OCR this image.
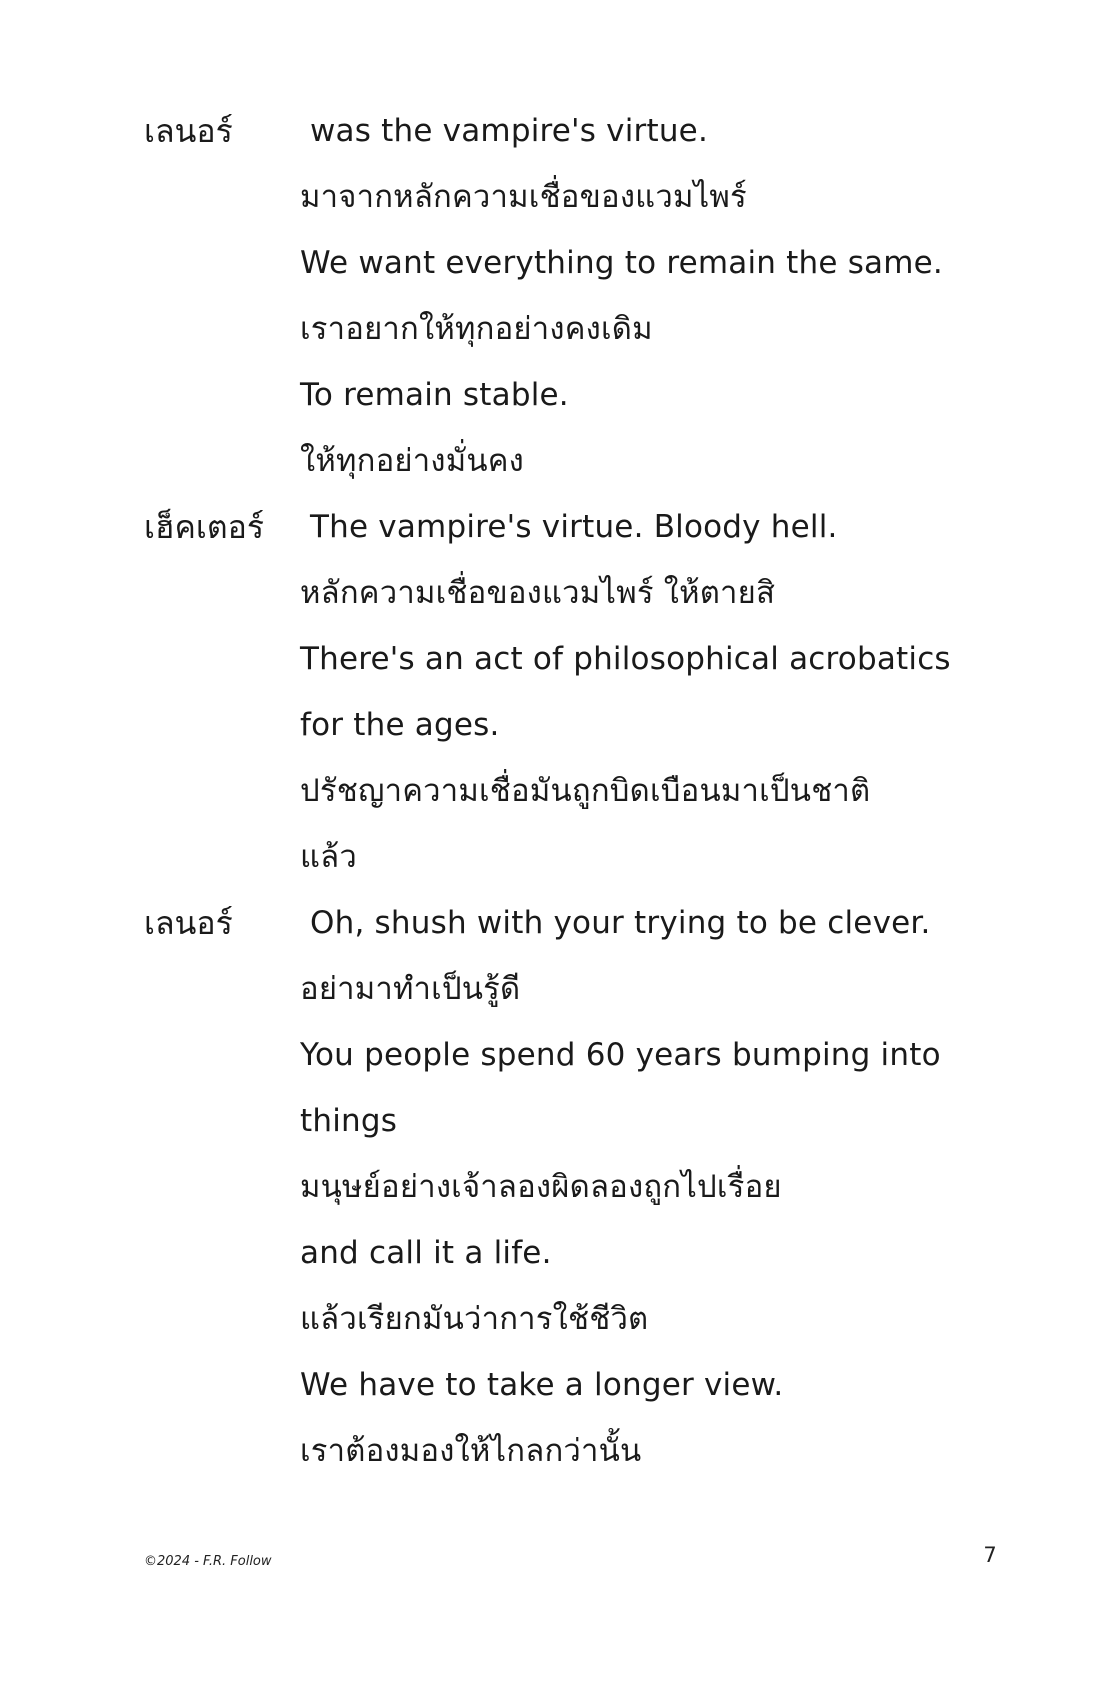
เลนอร์	was the vampire's virtue.
มาจากหลักความเชื่อของแวมไพร์
We want everything to remain the same.
เราอยากให้ทุกอย่างคงเดิม
To remain stable.
ให้ทุกอย่างมั่นคง
เฮ็คเตอร์	The vampire's virtue. Bloody hell.
หลักความเชื่อของแวมไพร์ ให้ตายสิ
There's an act of philosophical acrobatics
for the ages.
ปรัชญาความเชื่อมันถูกบิดเบือนมาเป็นชาติ
แล้ว
เลนอร์	Oh, shush with your trying to be clever.
อย่ามาทำเป็นรู้ดี
You people spend 60 years bumping into
things
มนุษย์อย่างเจ้าลองผิดลองถูกไปเรื่อย
and call it a life.
แล้วเรียกมันว่าการใช้ชีวิต
We have to take a longer view.
เราต้องมองให้ไกลกว่านั้น
©2024 - F.R. Follow	7
